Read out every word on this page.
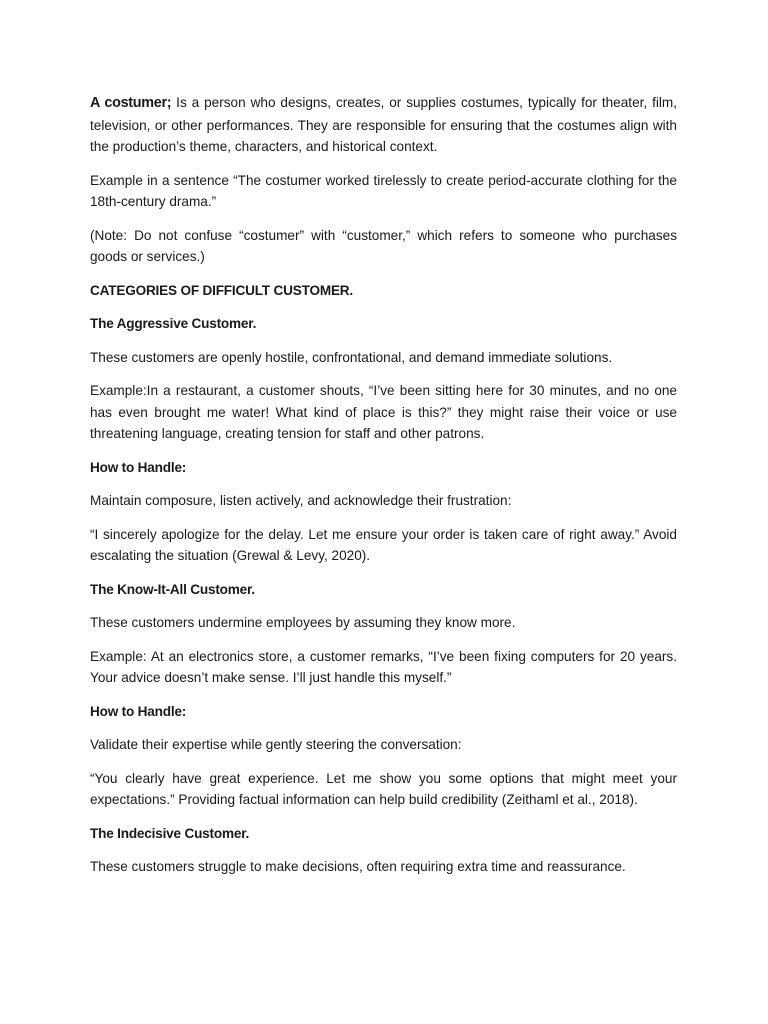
A costumer; Is a person who designs, creates, or supplies costumes, typically for theater, film, television, or other performances. They are responsible for ensuring that the costumes align with the production’s theme, characters, and historical context.

Example in a sentence “The costumer worked tirelessly to create period-accurate clothing for the 18th-century drama.”

(Note: Do not confuse “costumer” with “customer,” which refers to someone who purchases goods or services.)

CATEGORIES OF DIFFICULT CUSTOMER.

The Aggressive Customer.

These customers are openly hostile, confrontational, and demand immediate solutions.

Example:In a restaurant, a customer shouts, “I’ve been sitting here for 30 minutes, and no one has even brought me water! What kind of place is this?” they might raise their voice or use threatening language, creating tension for staff and other patrons.

How to Handle:

Maintain composure, listen actively, and acknowledge their frustration:

“I sincerely apologize for the delay. Let me ensure your order is taken care of right away.” Avoid escalating the situation (Grewal & Levy, 2020).

The Know-It-All Customer.

These customers undermine employees by assuming they know more.

Example: At an electronics store, a customer remarks, “I’ve been fixing computers for 20 years. Your advice doesn’t make sense. I’ll just handle this myself.”

How to Handle:

Validate their expertise while gently steering the conversation:

“You clearly have great experience. Let me show you some options that might meet your expectations.” Providing factual information can help build credibility (Zeithaml et al., 2018).

The Indecisive Customer.

These customers struggle to make decisions, often requiring extra time and reassurance.
